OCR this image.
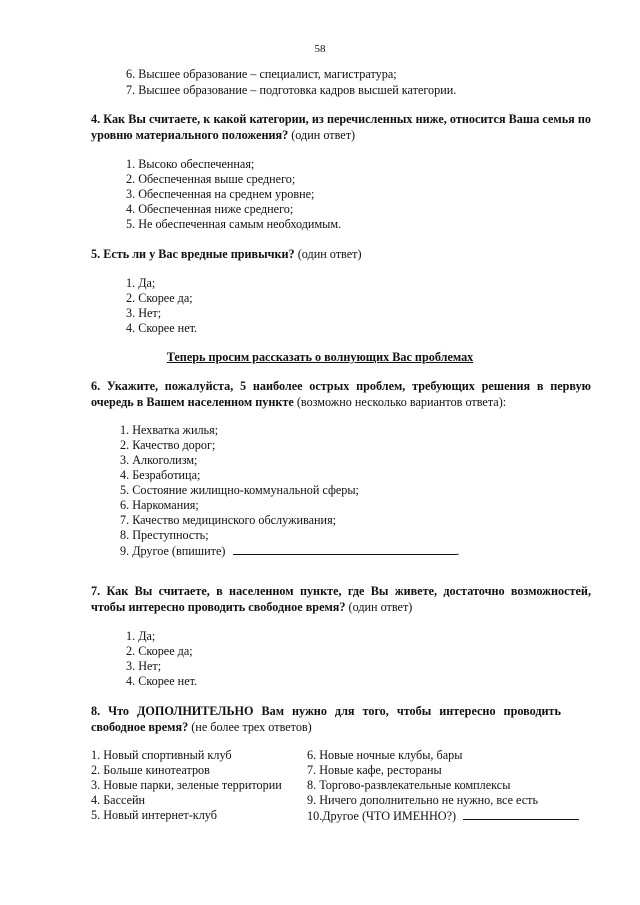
58
6. Высшее образование – специалист, магистратура;
7. Высшее образование – подготовка кадров высшей категории.
4. Как Вы считаете, к какой категории, из перечисленных ниже, относится Ваша семья по уровню материального положения? (один ответ)
1. Высоко обеспеченная;
2. Обеспеченная выше среднего;
3. Обеспеченная на среднем уровне;
4. Обеспеченная ниже среднего;
5. Не обеспеченная самым необходимым.
5. Есть ли у Вас вредные привычки? (один ответ)
1. Да;
2. Скорее да;
3. Нет;
4. Скорее нет.
Теперь просим рассказать о волнующих Вас проблемах
6. Укажите, пожалуйста, 5 наиболее острых проблем, требующих решения в первую очередь в Вашем населенном пункте (возможно несколько вариантов ответа):
1. Нехватка жилья;
2. Качество дорог;
3. Алкоголизм;
4. Безработица;
5. Состояние жилищно-коммунальной сферы;
6. Наркомания;
7. Качество медицинского обслуживания;
8. Преступность;
9. Другое (впишите)	.
7. Как Вы считаете, в населенном пункте, где Вы живете, достаточно возможностей, чтобы интересно проводить свободное время? (один ответ)
1. Да;
2. Скорее да;
3. Нет;
4. Скорее нет.
8. Что ДОПОЛНИТЕЛЬНО Вам нужно для того, чтобы интересно проводить свободное время? (не более трех ответов)
1. Новый спортивный клуб
2. Больше кинотеатров
3. Новые парки, зеленые территории
4. Бассейн
5. Новый интернет-клуб
6. Новые ночные клубы, бары
7. Новые кафе, рестораны
8. Торгово-развлекательные комплексы
9. Ничего дополнительно не нужно, все есть
10.Другое (ЧТО ИМЕННО?)
